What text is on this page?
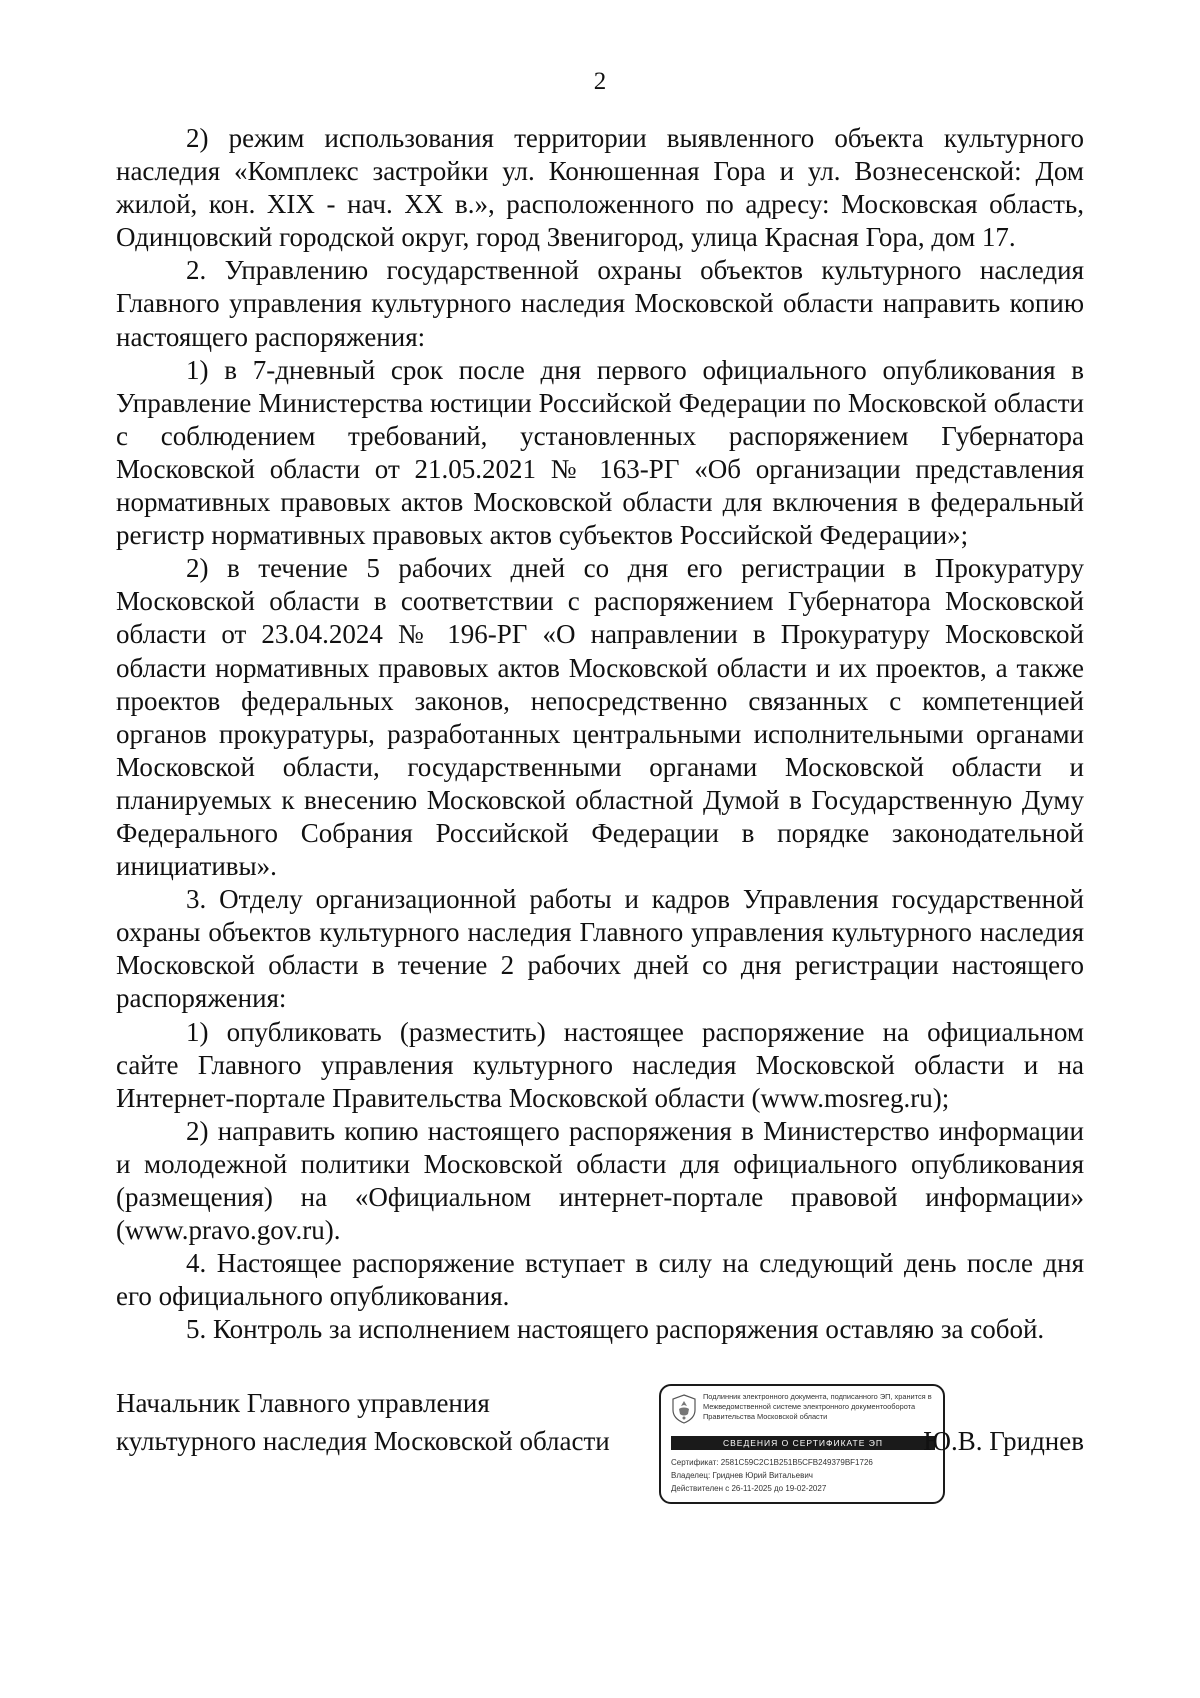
2

2) режим использования территории выявленного объекта культурного наследия «Комплекс застройки ул. Конюшенная Гора и ул. Вознесенской: Дом жилой, кон. XIX - нач. XX в.», расположенного по адресу: Московская область, Одинцовский городской округ, город Звенигород, улица Красная Гора, дом 17.

2. Управлению государственной охраны объектов культурного наследия Главного управления культурного наследия Московской области направить копию настоящего распоряжения:

1) в 7-дневный срок после дня первого официального опубликования в Управление Министерства юстиции Российской Федерации по Московской области с соблюдением требований, установленных распоряжением Губернатора Московской области от 21.05.2021 № 163-РГ «Об организации представления нормативных правовых актов Московской области для включения в федеральный регистр нормативных правовых актов субъектов Российской Федерации»;

2) в течение 5 рабочих дней со дня его регистрации в Прокуратуру Московской области в соответствии с распоряжением Губернатора Московской области от 23.04.2024 № 196-РГ «О направлении в Прокуратуру Московской области нормативных правовых актов Московской области и их проектов, а также проектов федеральных законов, непосредственно связанных с компетенцией органов прокуратуры, разработанных центральными исполнительными органами Московской области, государственными органами Московской области и планируемых к внесению Московской областной Думой в Государственную Думу Федерального Собрания Российской Федерации в порядке законодательной инициативы».

3. Отделу организационной работы и кадров Управления государственной охраны объектов культурного наследия Главного управления культурного наследия Московской области в течение 2 рабочих дней со дня регистрации настоящего распоряжения:

1) опубликовать (разместить) настоящее распоряжение на официальном сайте Главного управления культурного наследия Московской области и на Интернет-портале Правительства Московской области (www.mosreg.ru);

2) направить копию настоящего распоряжения в Министерство информации и молодежной политики Московской области для официального опубликования (размещения) на «Официальном интернет-портале правовой информации» (www.pravo.gov.ru).

4. Настоящее распоряжение вступает в силу на следующий день после дня его официального опубликования.

5. Контроль за исполнением настоящего распоряжения оставляю за собой.

Начальник Главного управления
культурного наследия Московской области
Подлинник электронного документа, подписанного ЭП, хранится в Межведомственной системе электронного документооборота Правительства Московской области
СВЕДЕНИЯ О СЕРТИФИКАТЕ ЭП
Сертификат: 2581C59C2C1B251B5CFB249379BF1726
Владелец: Гриднев Юрий Витальевич
Действителен с 26-11-2025 до 19-02-2027
Ю.В. Гриднев
